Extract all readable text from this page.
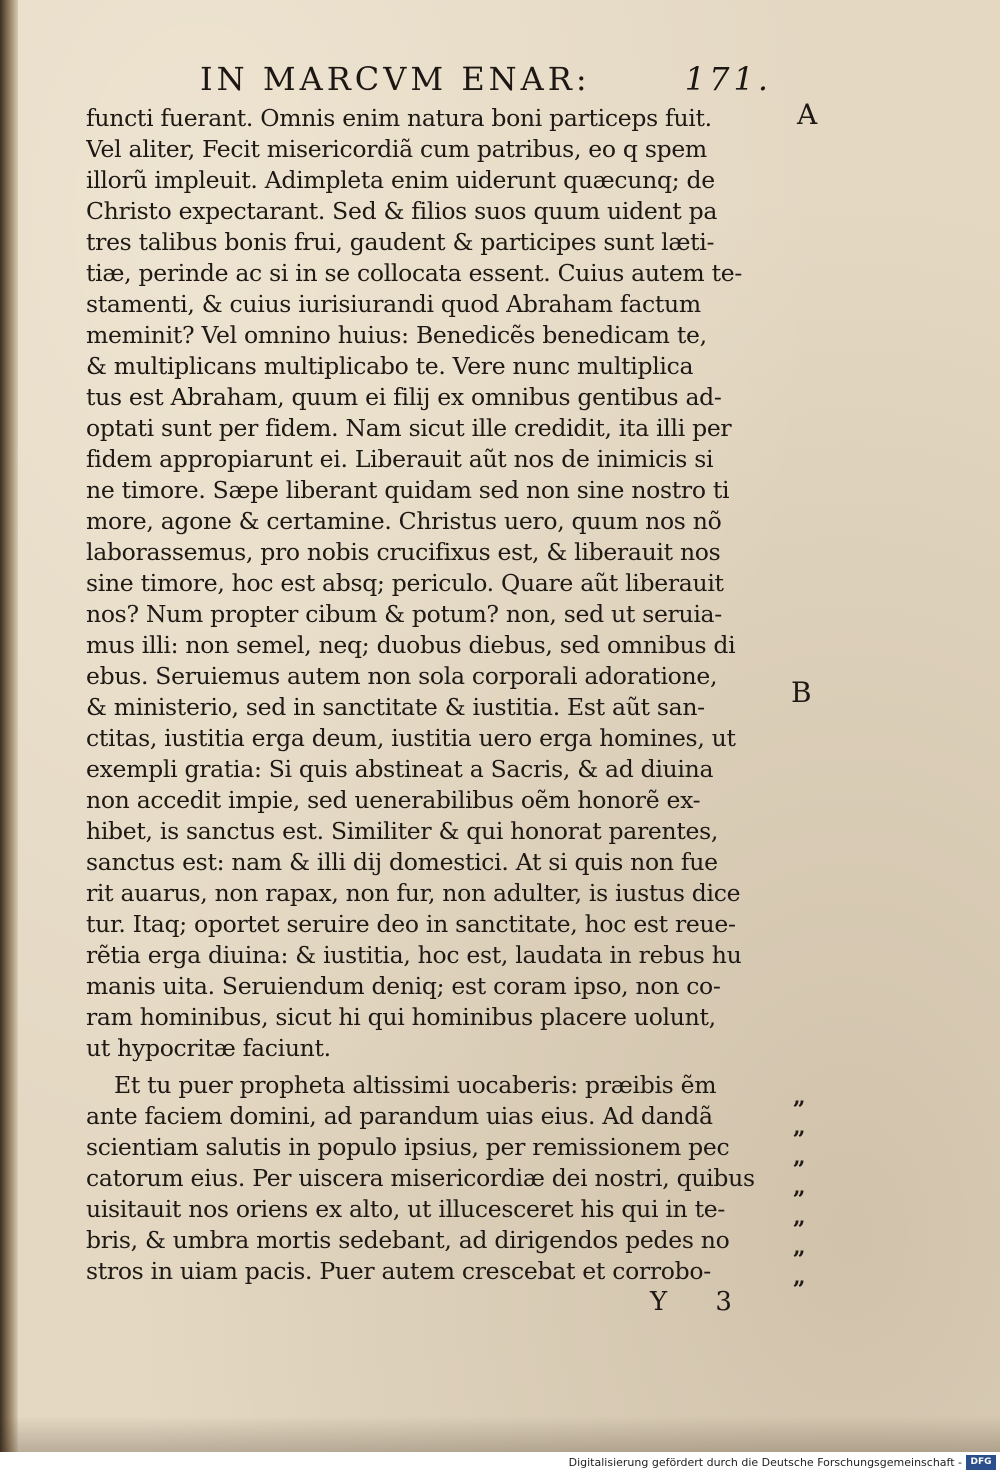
IN MARCVM ENAR:	171.
A
B
functi fuerant. Omnis enim natura boni particeps fuit.
Vel aliter, Fecit misericordiã cum patribus, eo q spem
illorũ impleuit. Adimpleta enim uiderunt quæcunq; de
Christo expectarant. Sed & filios suos quum uident pa
tres talibus bonis frui, gaudent & participes sunt læti-
tiæ, perinde ac si in se collocata essent. Cuius autem te-
stamenti, & cuius iurisiurandi quod Abraham factum
meminit? Vel omnino huius: Benedicẽs benedicam te,
& multiplicans multiplicabo te. Vere nunc multiplica
tus est Abraham, quum ei filij ex omnibus gentibus ad-
optati sunt per fidem. Nam sicut ille credidit, ita illi per
fidem appropiarunt ei. Liberauit aũt nos de inimicis si
ne timore. Sæpe liberant quidam sed non sine nostro ti
more, agone & certamine. Christus uero, quum nos nõ
laborassemus, pro nobis crucifixus est, & liberauit nos
sine timore, hoc est absq; periculo. Quare aũt liberauit
nos? Num propter cibum & potum? non, sed ut seruia-
mus illi: non semel, neq; duobus diebus, sed omnibus di
ebus. Seruiemus autem non sola corporali adoratione,
& ministerio, sed in sanctitate & iustitia. Est aũt san-
ctitas, iustitia erga deum, iustitia uero erga homines, ut
exempli gratia: Si quis abstineat a Sacris, & ad diuina
non accedit impie, sed uenerabilibus oẽm honorẽ ex-
hibet, is sanctus est. Similiter & qui honorat parentes,
sanctus est: nam & illi dij domestici. At si quis non fue
rit auarus, non rapax, non fur, non adulter, is iustus dice
tur. Itaq; oportet seruire deo in sanctitate, hoc est reue-
rẽtia erga diuina: & iustitia, hoc est, laudata in rebus hu
manis uita. Seruiendum deniq; est coram ipso, non co-
ram hominibus, sicut hi qui hominibus placere uolunt,
ut hypocritæ faciunt.
Et tu puer propheta altissimi uocaberis: præibis ẽm
ante faciem domini, ad parandum uias eius. Ad dandã
scientiam salutis in populo ipsius, per remissionem pec
catorum eius. Per uiscera misericordiæ dei nostri, quibus
uisitauit nos oriens ex alto, ut illucesceret his qui in te-
bris, & umbra mortis sedebant, ad dirigendos pedes no
stros in uiam pacis. Puer autem crescebat et corrobo-
„
„
„
„
„
„
„
Y 3
Digitalisierung gefördert durch die Deutsche Forschungsgemeinschaft - DFG
